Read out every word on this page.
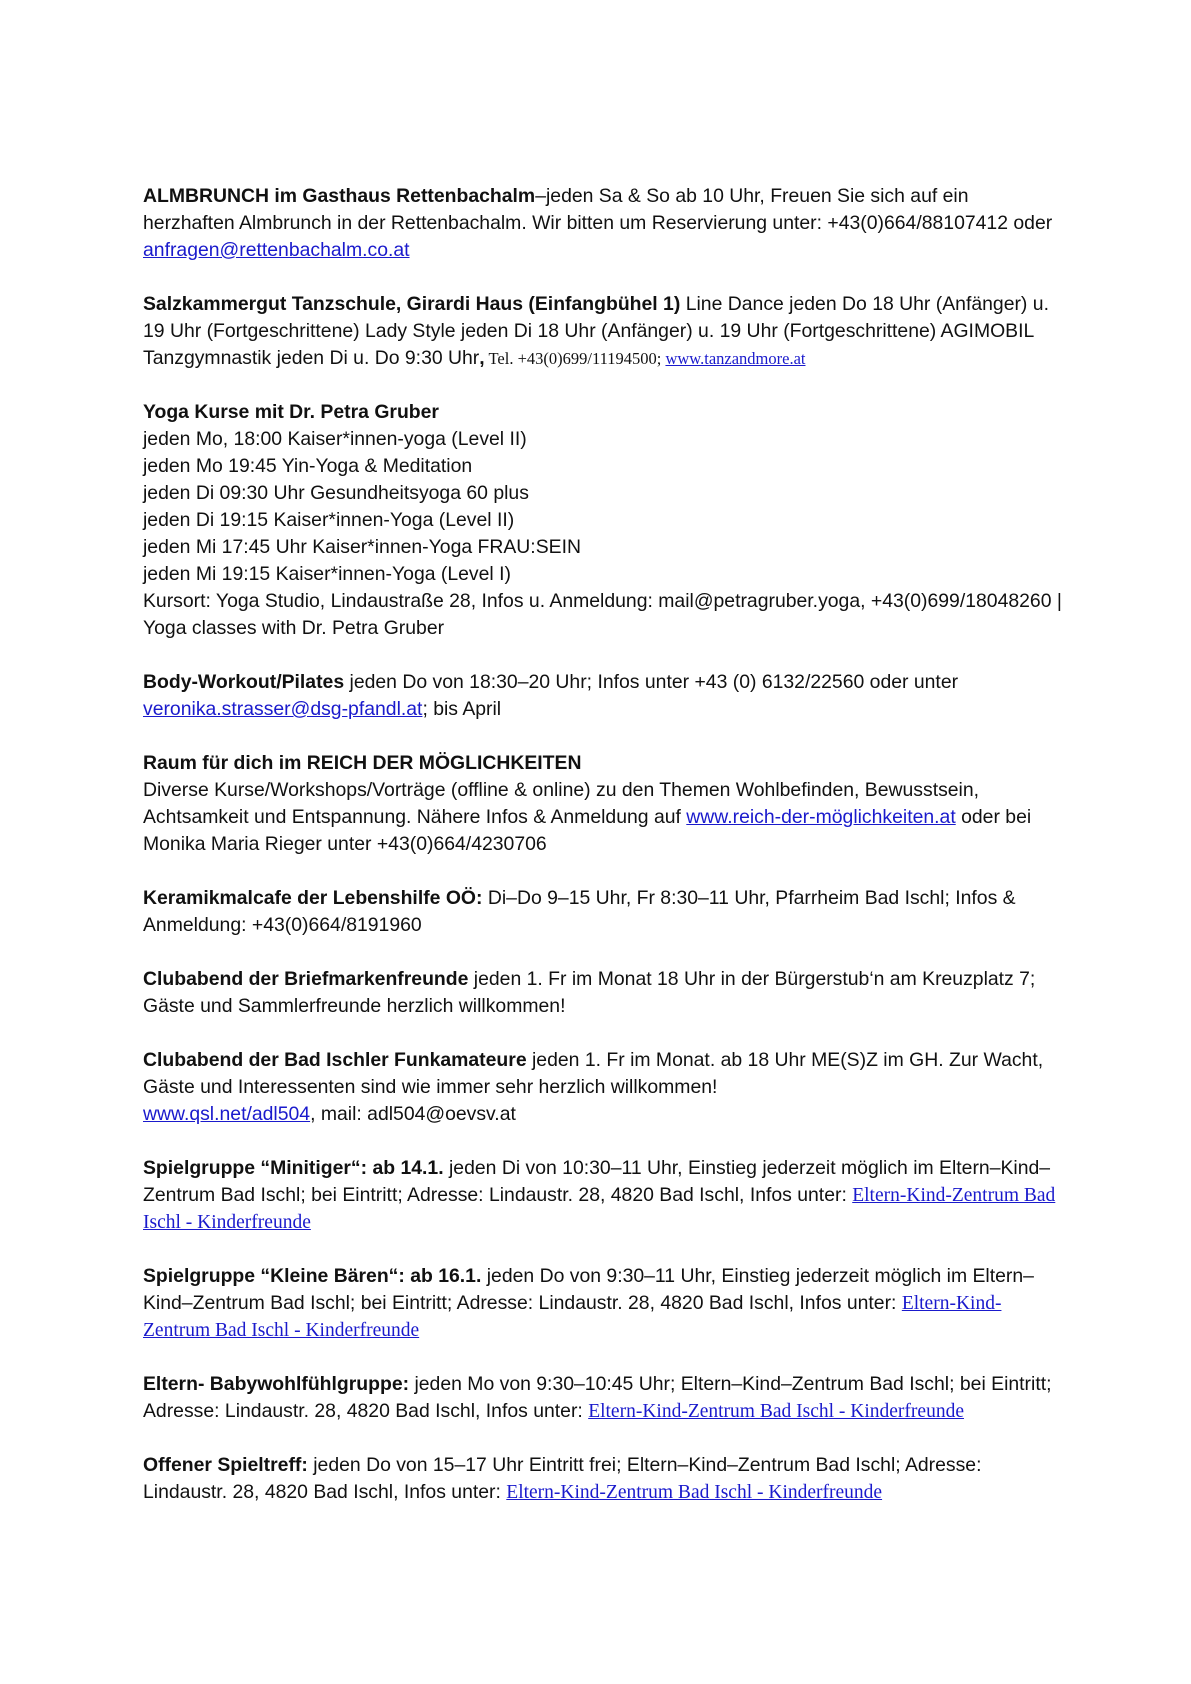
ALMBRUNCH im Gasthaus Rettenbachalm–jeden Sa & So ab 10 Uhr, Freuen Sie sich auf ein herzhaften Almbrunch in der Rettenbachalm. Wir bitten um Reservierung unter: +43(0)664/88107412 oder anfragen@rettenbachalm.co.at
Salzkammergut Tanzschule, Girardi Haus (Einfangbühel 1) Line Dance jeden Do 18 Uhr (Anfänger) u. 19 Uhr (Fortgeschrittene) Lady Style jeden Di 18 Uhr (Anfänger) u. 19 Uhr (Fortgeschrittene) AGIMOBIL Tanzgymnastik jeden Di u. Do 9:30 Uhr, Tel. +43(0)699/11194500; www.tanzandmore.at
Yoga Kurse mit Dr. Petra Gruber
jeden Mo, 18:00 Kaiser*innen-yoga (Level II)
jeden Mo 19:45 Yin-Yoga & Meditation
jeden Di 09:30 Uhr Gesundheitsyoga 60 plus
jeden Di 19:15 Kaiser*innen-Yoga (Level II)
jeden Mi 17:45 Uhr Kaiser*innen-Yoga FRAU:SEIN
jeden Mi 19:15 Kaiser*innen-Yoga (Level I)
Kursort: Yoga Studio, Lindaustraße 28, Infos u. Anmeldung: mail@petragruber.yoga, +43(0)699/18048260 | Yoga classes with Dr. Petra Gruber
Body-Workout/Pilates jeden Do von 18:30–20 Uhr; Infos unter +43 (0) 6132/22560 oder unter veronika.strasser@dsg-pfandl.at; bis April
Raum für dich im REICH DER MÖGLICHKEITEN
Diverse Kurse/Workshops/Vorträge (offline & online) zu den Themen Wohlbefinden, Bewusstsein, Achtsamkeit und Entspannung. Nähere Infos & Anmeldung auf www.reich-der-möglichkeiten.at oder bei Monika Maria Rieger unter +43(0)664/4230706
Keramikmalcafe der Lebenshilfe OÖ: Di–Do 9–15 Uhr, Fr 8:30–11 Uhr, Pfarrheim Bad Ischl; Infos & Anmeldung: +43(0)664/8191960
Clubabend der Briefmarkenfreunde jeden 1. Fr im Monat 18 Uhr in der Bürgerstub‘n am Kreuzplatz 7; Gäste und Sammlerfreunde herzlich willkommen!
Clubabend der Bad Ischler Funkamateure jeden 1. Fr im Monat. ab 18 Uhr ME(S)Z im GH. Zur Wacht, Gäste und Interessenten sind wie immer sehr herzlich willkommen!
www.qsl.net/adl504, mail: adl504@oevsv.at
Spielgruppe “Minitiger“: ab 14.1. jeden Di von 10:30–11 Uhr, Einstieg jederzeit möglich im Eltern–Kind–Zentrum Bad Ischl; bei Eintritt; Adresse: Lindaustr. 28, 4820 Bad Ischl, Infos unter: Eltern-Kind-Zentrum Bad Ischl - Kinderfreunde
Spielgruppe “Kleine Bären“: ab 16.1. jeden Do von 9:30–11 Uhr, Einstieg jederzeit möglich im Eltern–Kind–Zentrum Bad Ischl; bei Eintritt; Adresse: Lindaustr. 28, 4820 Bad Ischl, Infos unter: Eltern-Kind-Zentrum Bad Ischl - Kinderfreunde
Eltern- Babywohlfühlgruppe: jeden Mo von 9:30–10:45 Uhr; Eltern–Kind–Zentrum Bad Ischl; bei Eintritt; Adresse: Lindaustr. 28, 4820 Bad Ischl, Infos unter: Eltern-Kind-Zentrum Bad Ischl - Kinderfreunde
Offener Spieltreff: jeden Do von 15–17 Uhr Eintritt frei; Eltern–Kind–Zentrum Bad Ischl; Adresse: Lindaustr. 28, 4820 Bad Ischl, Infos unter: Eltern-Kind-Zentrum Bad Ischl - Kinderfreunde
